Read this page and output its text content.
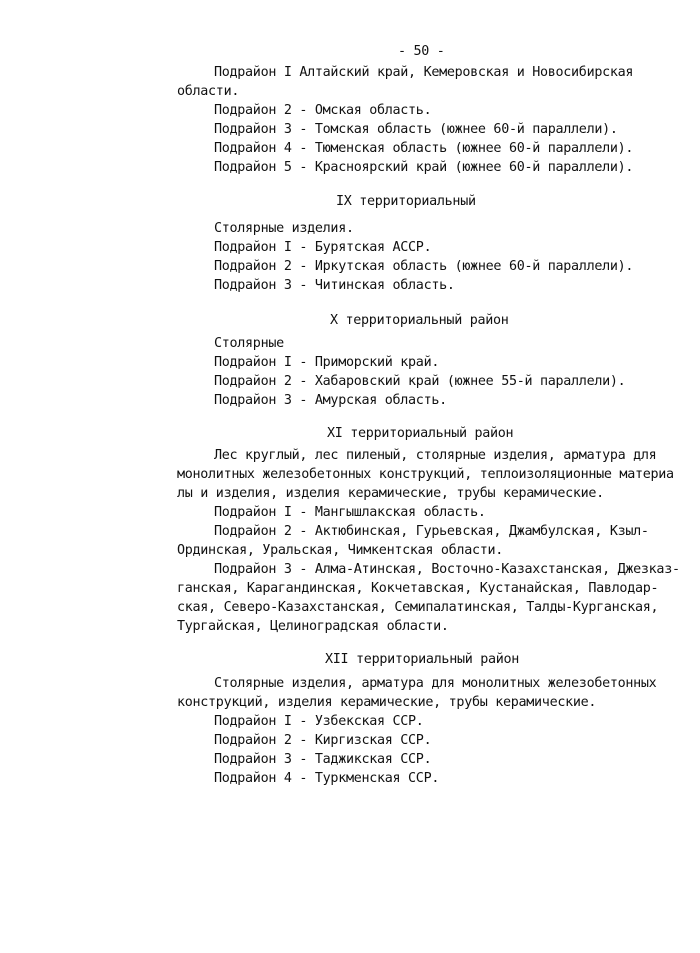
- 50 -
Подрайон I Алтайский край, Кемеровская и Новосибирская
области.
Подрайон 2 - Омская область.
Подрайон 3 - Томская область (южнее 60-й параллели).
Подрайон 4 - Тюменская область (южнее 60-й параллели).
Подрайон 5 - Красноярский край (южнее 60-й параллели).
IX территориальный
Столярные изделия.
Подрайон I - Бурятская АССР.
Подрайон 2 - Иркутская область (южнее 60-й параллели).
Подрайон 3 - Читинская область.
X территориальный район
Столярные
Подрайон I - Приморский край.
Подрайон 2 - Хабаровский край (южнее 55-й параллели).
Подрайон 3 - Амурская область.
XI территориальный район
Лес круглый, лес пиленый, столярные изделия, арматура для
монолитных железобетонных конструкций, теплоизоляционные материа
лы и изделия, изделия керамические, трубы керамические.
Подрайон I - Мангышлакская область.
Подрайон 2 - Актюбинская, Гурьевская, Джамбулская, Кзыл-
Ординская, Уральская, Чимкентская области.
Подрайон 3 - Алма-Атинская, Восточно-Казахстанская, Джезказ-
ганская, Карагандинская, Кокчетавская, Кустанайская, Павлодар-
ская, Северо-Казахстанская, Семипалатинская, Талды-Курганская,
Тургайская, Целиноградская области.
XII территориальный район
Столярные изделия, арматура для монолитных железобетонных
конструкций, изделия керамические, трубы керамические.
Подрайон I - Узбекская ССР.
Подрайон 2 - Киргизская ССР.
Подрайон 3 - Таджикская ССР.
Подрайон 4 - Туркменская ССР.
